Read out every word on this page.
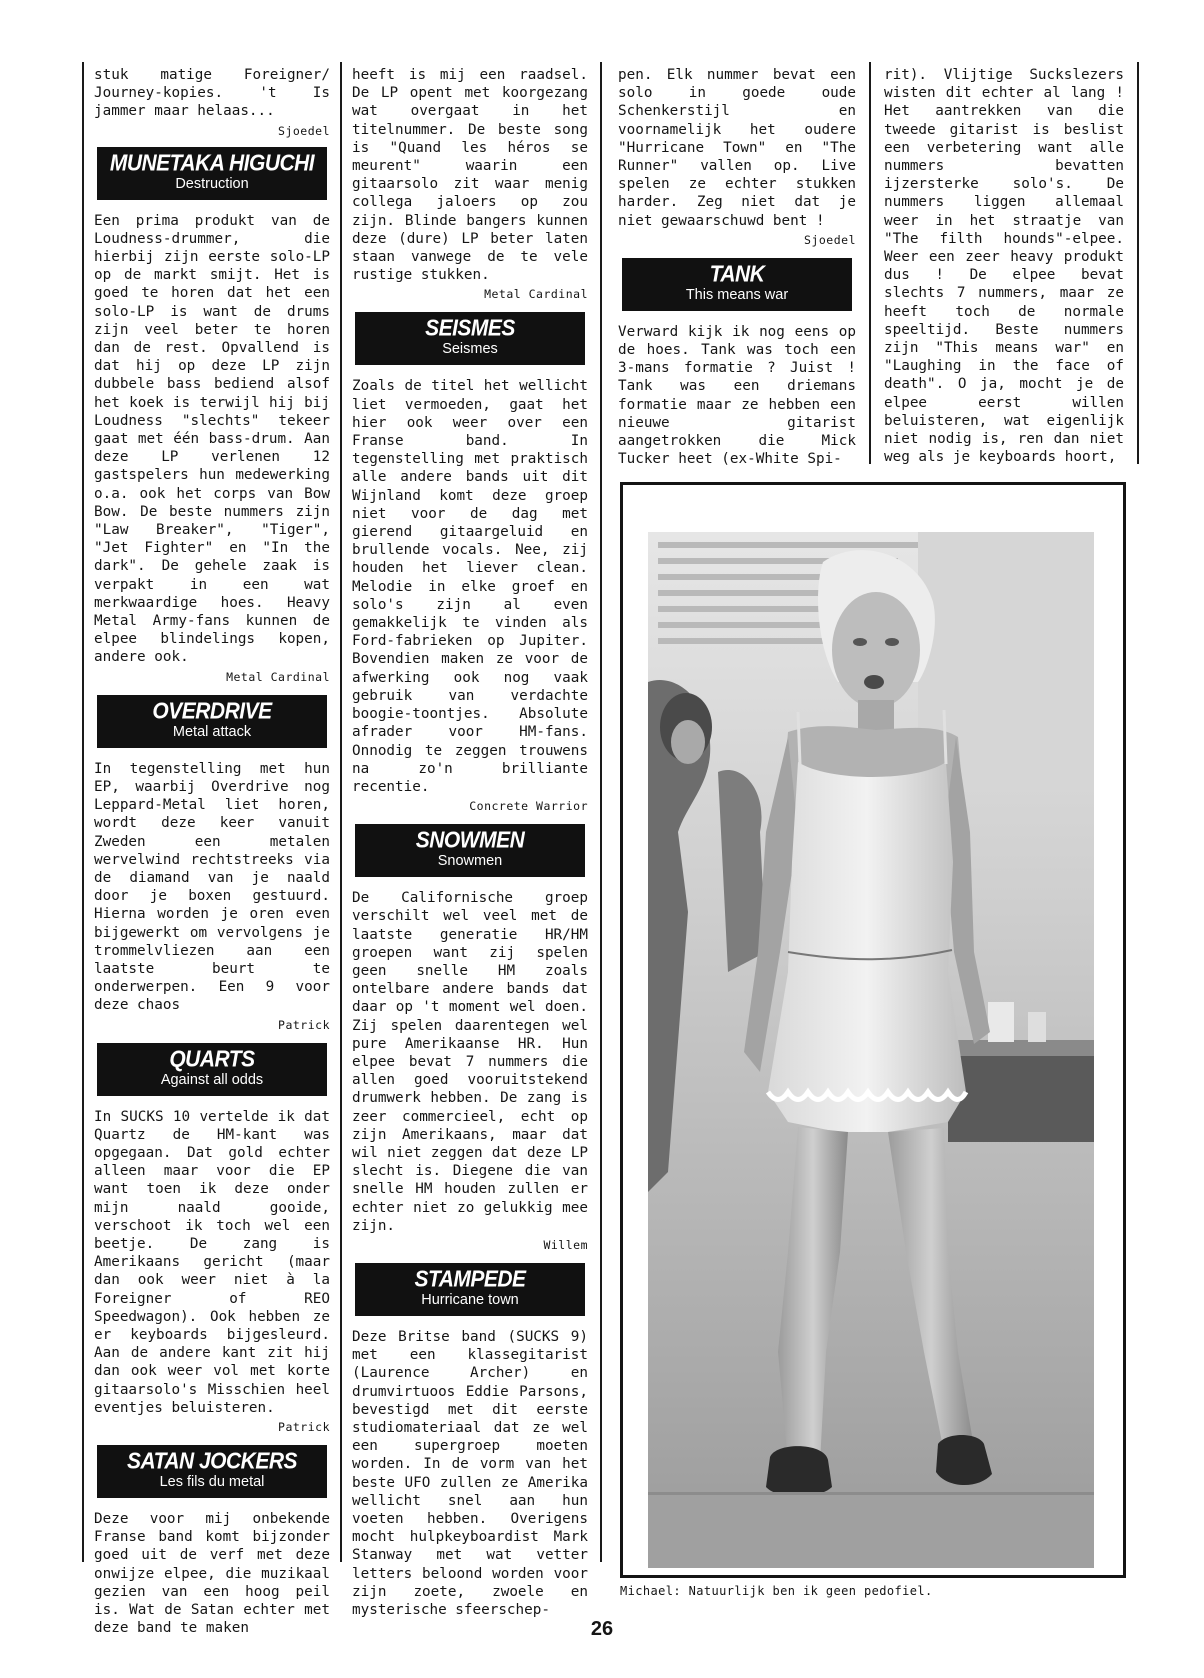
stuk matige Foreigner/ Journey-kopies. 't Is jammer maar helaas...

Sjoedel
MUNETAKA HIGUCHI
Destruction

Een prima produkt van de Loudness-drummer, die hierbij zijn eerste solo-LP op de markt smijt. Het is goed te horen dat het een solo-LP is want de drums zijn veel beter te horen dan de rest. Opvallend is dat hij op deze LP zijn dubbele bass bediend alsof het koek is terwijl hij bij Loudness "slechts" tekeer gaat met één bass-drum. Aan deze LP verlenen 12 gastspelers hun medewerking o.a. ook het corps van Bow Bow. De beste nummers zijn "Law Breaker", "Tiger", "Jet Fighter" en "In the dark". De gehele zaak is verpakt in een wat merkwaardige hoes. Heavy Metal Army-fans kunnen de elpee blindelings kopen, andere ook.

Metal Cardinal
OVERDRIVE
Metal attack

In tegenstelling met hun EP, waarbij Overdrive nog Leppard-Metal liet horen, wordt deze keer vanuit Zweden een metalen wervelwind rechtstreeks via de diamand van je naald door je boxen gestuurd. Hierna worden je oren even bijgewerkt om vervolgens je trommelvliezen aan een laatste beurt te onderwerpen. Een 9 voor deze chaos

Patrick
QUARTS
Against all odds

In SUCKS 10 vertelde ik dat Quartz de HM-kant was opgegaan. Dat gold echter alleen maar voor die EP want toen ik deze onder mijn naald gooide, verschoot ik toch wel een beetje. De zang is Amerikaans gericht (maar dan ook weer niet à la Foreigner of REO Speedwagon). Ook hebben ze er keyboards bijgesleurd. Aan de andere kant zit hij dan ook weer vol met korte gitaarsolo's Misschien heel eventjes beluisteren.

Patrick
SATAN JOCKERS
Les fils du metal

Deze voor mij onbekende Franse band komt bijzonder goed uit de verf met deze onwijze elpee, die muzikaal gezien van een hoog peil is. Wat de Satan echter met deze band te maken

heeft is mij een raadsel. De LP opent met koorgezang wat overgaat in het titelnummer. De beste song is "Quand les héros se meurent" waarin een gitaarsolo zit waar menig collega jaloers op zou zijn. Blinde bangers kunnen deze (dure) LP beter laten staan vanwege de te vele rustige stukken.

Metal Cardinal
SEISMES
Seismes

Zoals de titel het wellicht liet vermoeden, gaat het hier ook weer over een Franse band. In tegenstelling met praktisch alle andere bands uit dit Wijnland komt deze groep niet voor de dag met gierend gitaargeluid en brullende vocals. Nee, zij houden het liever clean. Melodie in elke groef en solo's zijn al even gemakkelijk te vinden als Ford-fabrieken op Jupiter. Bovendien maken ze voor de afwerking ook nog vaak gebruik van verdachte boogie-toontjes. Absolute afrader voor HM-fans. Onnodig te zeggen trouwens na zo'n brilliante recentie.

Concrete Warrior
SNOWMEN
Snowmen

De Californische groep verschilt wel veel met de laatste generatie HR/HM groepen want zij spelen geen snelle HM zoals ontelbare andere bands dat daar op 't moment wel doen. Zij spelen daarentegen wel pure Amerikaanse HR. Hun elpee bevat 7 nummers die allen goed vooruitstekend drumwerk hebben. De zang is zeer commercieel, echt op zijn Amerikaans, maar dat wil niet zeggen dat deze LP slecht is. Diegene die van snelle HM houden zullen er echter niet zo gelukkig mee zijn.

Willem
STAMPEDE
Hurricane town

Deze Britse band (SUCKS 9) met een klassegitarist (Laurence Archer) en drumvirtuoos Eddie Parsons, bevestigd met dit eerste studiomateriaal dat ze wel een supergroep moeten worden. In de vorm van het beste UFO zullen ze Amerika wellicht snel aan hun voeten hebben. Overigens mocht hulpkeyboardist Mark Stanway met wat vetter letters beloond worden voor zijn zoete, zwoele en mysterische sfeerschep-

pen. Elk nummer bevat een solo in goede oude Schenkerstijl en voornamelijk het oudere "Hurricane Town" en "The Runner" vallen op. Live spelen ze echter stukken harder. Zeg niet dat je niet gewaarschuwd bent !

Sjoedel
TANK
This means war

Verward kijk ik nog eens op de hoes. Tank was toch een 3-mans formatie ? Juist ! Tank was een driemans formatie maar ze hebben een nieuwe gitarist aangetrokken die Mick Tucker heet (ex-White Spi-

rit). Vlijtige Suckslezers wisten dit echter al lang ! Het aantrekken van die tweede gitarist is beslist een verbetering want alle nummers bevatten ijzersterke solo's. De nummers liggen allemaal weer in het straatje van "The filth hounds"-elpee. Weer een zeer heavy produkt dus ! De elpee bevat slechts 7 nummers, maar ze heeft toch de normale speeltijd. Beste nummers zijn "This means war" en "Laughing in the face of death". O ja, mocht je de elpee eerst willen beluisteren, wat eigenlijk niet nodig is, ren dan niet weg als je keyboards hoort,

Michael: Natuurlijk ben ik geen pedofiel.
26
